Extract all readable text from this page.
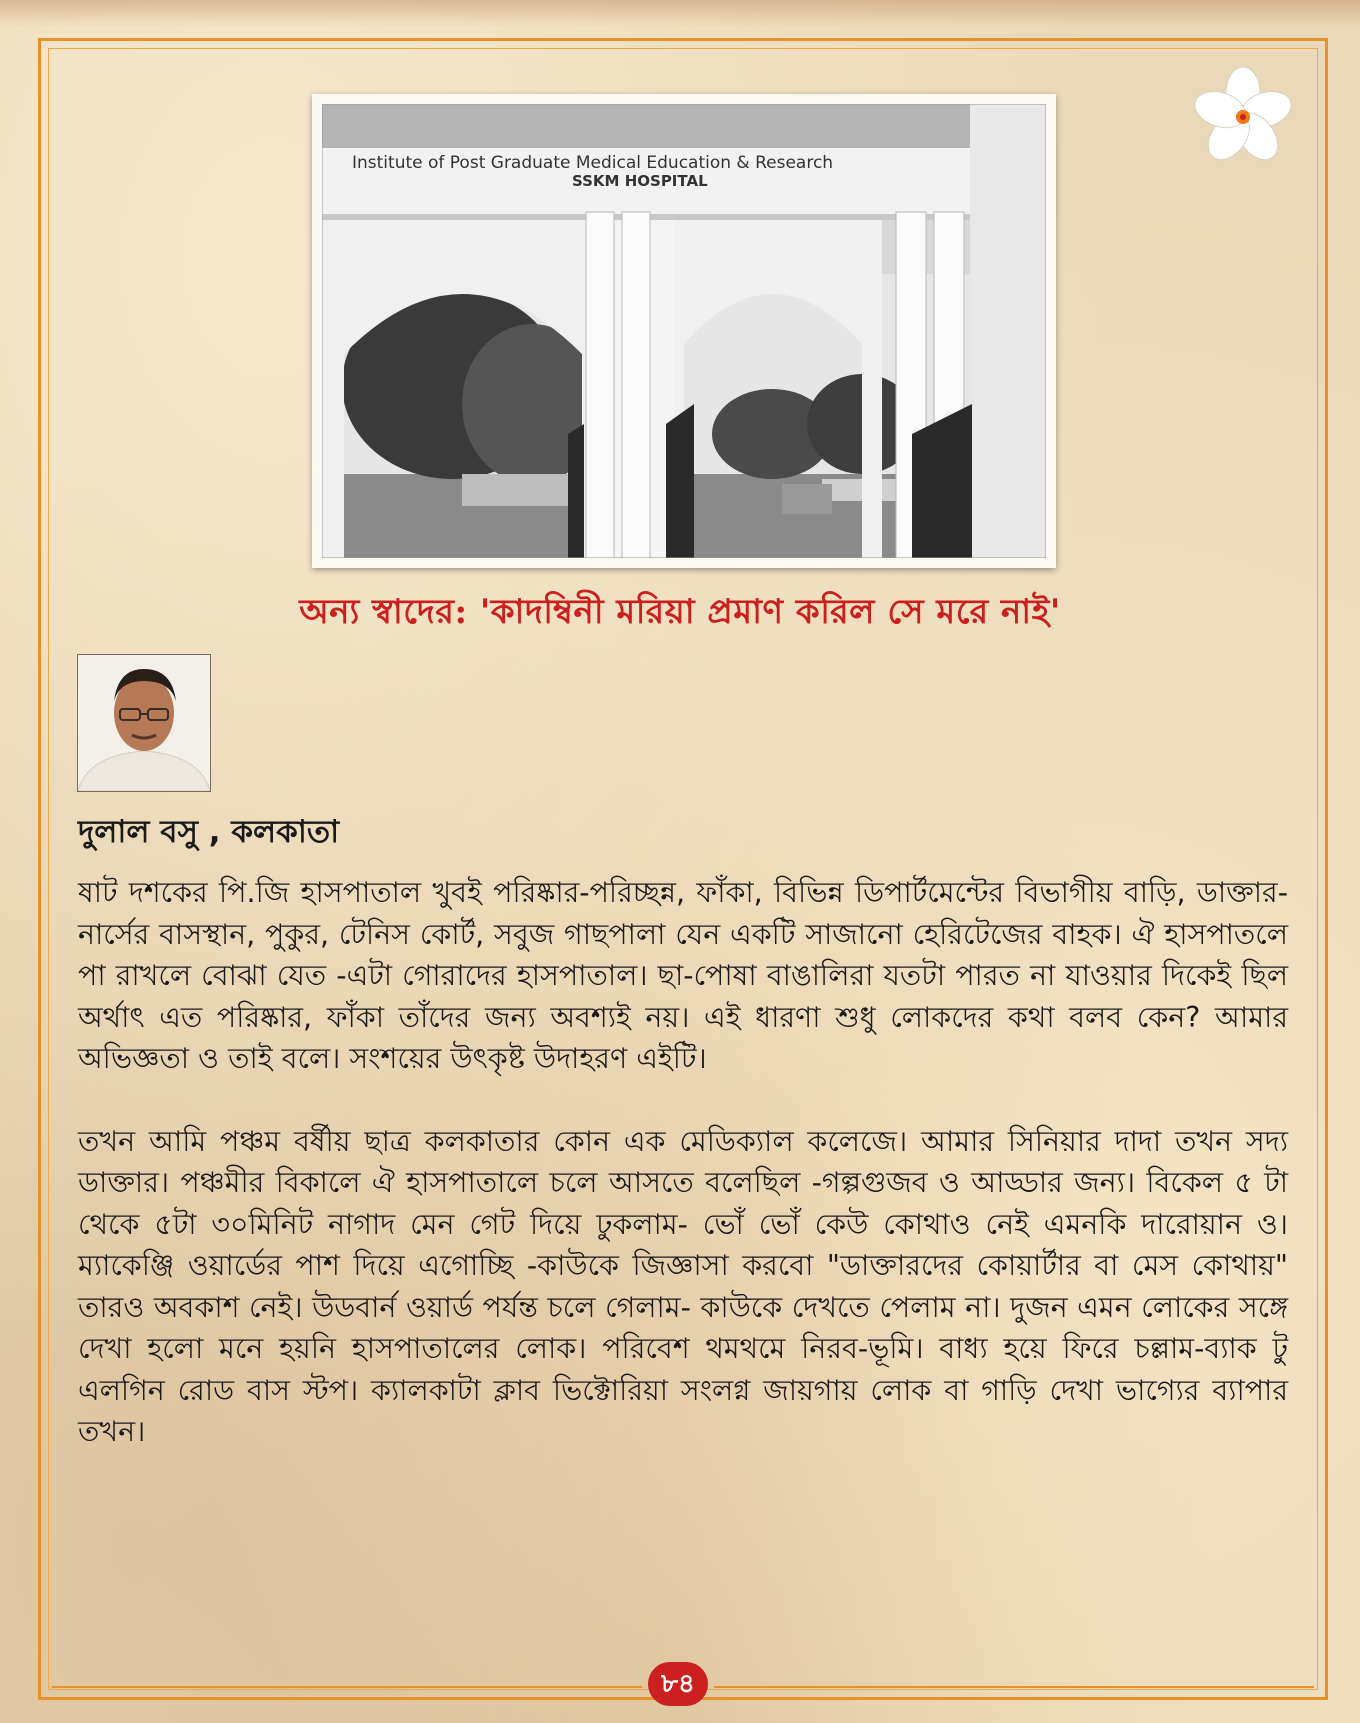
Institute of Post Graduate Medical Education & Research
SSKM HOSPITAL
অন্য স্বাদের: 'কাদম্বিনী মরিয়া প্রমাণ করিল সে মরে নাই'
দুলাল বসু , কলকাতা

ষাট দশকের পি.জি হাসপাতাল খুবই পরিষ্কার-পরিচ্ছন্ন, ফাঁকা, বিভিন্ন ডিপার্টমেন্টের বিভাগীয় বাড়ি, ডাক্তার-নার্সের বাসস্থান, পুকুর, টেনিস কোর্ট, সবুজ গাছপালা যেন একটি সাজানো হেরিটেজের বাহক। ঐ হাসপাতলে পা রাখলে বোঝা যেত -এটা গোরাদের হাসপাতাল। ছা-পোষা বাঙালিরা যতটা পারত না যাওয়ার দিকেই ছিল অর্থাৎ এত পরিষ্কার, ফাঁকা তাঁদের জন্য অবশ্যই নয়। এই ধারণা শুধু লোকদের কথা বলব কেন? আমার অভিজ্ঞতা ও তাই বলে। সংশয়ের উৎকৃষ্ট উদাহরণ এইটি।

তখন আমি পঞ্চম বর্ষীয় ছাত্র কলকাতার কোন এক মেডিক্যাল কলেজে। আমার সিনিয়ার দাদা তখন সদ্য ডাক্তার। পঞ্চমীর বিকালে ঐ হাসপাতালে চলে আসতে বলেছিল -গল্পগুজব ও আড্ডার জন্য। বিকেল ৫ টা থেকে ৫টা ৩০মিনিট নাগাদ মেন গেট দিয়ে ঢুকলাম- ভোঁ ভোঁ কেউ কোথাও নেই এমনকি দারোয়ান ও। ম্যাকেঞ্জি ওয়ার্ডের পাশ দিয়ে এগোচ্ছি -কাউকে জিজ্ঞাসা করবো "ডাক্তারদের কোয়ার্টার বা মেস কোথায়" তারও অবকাশ নেই। উডবার্ন ওয়ার্ড পর্যন্ত চলে গেলাম- কাউকে দেখতে পেলাম না। দুজন এমন লোকের সঙ্গে দেখা হলো মনে হয়নি হাসপাতালের লোক। পরিবেশ থমথমে নিরব-ভূমি। বাধ্য হয়ে ফিরে চল্লাম-ব্যাক টু এলগিন রোড বাস স্টপ। ক্যালকাটা ক্লাব ভিক্টোরিয়া সংলগ্ন জায়গায় লোক বা গাড়ি দেখা ভাগ্যের ব্যাপার তখন।

৮৪
